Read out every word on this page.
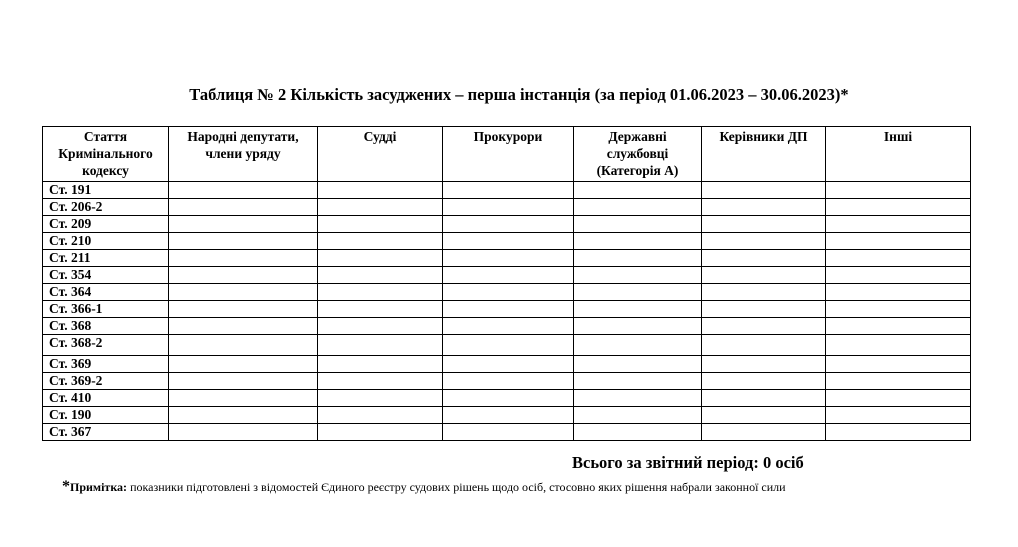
Таблиця № 2 Кількість засуджених – перша інстанція (за період 01.06.2023 – 30.06.2023)*
Стаття Кримінального кодексу	Народні депутати, члени уряду	Судді	Прокурори	Державні службовці (Категорія А)	Керівники ДП	Інші
Ст. 191						
Ст. 206-2						
Ст. 209						
Ст. 210						
Ст. 211						
Ст. 354						
Ст. 364						
Ст. 366-1						
Ст. 368						
Ст. 368-2						
Ст. 369						
Ст. 369-2						
Ст. 410						
Ст. 190						
Ст. 367						
Всього за звітний період: 0 осіб
*Примітка: показники підготовлені з відомостей Єдиного реєстру судових рішень щодо осіб, стосовно яких рішення набрали законної сили
